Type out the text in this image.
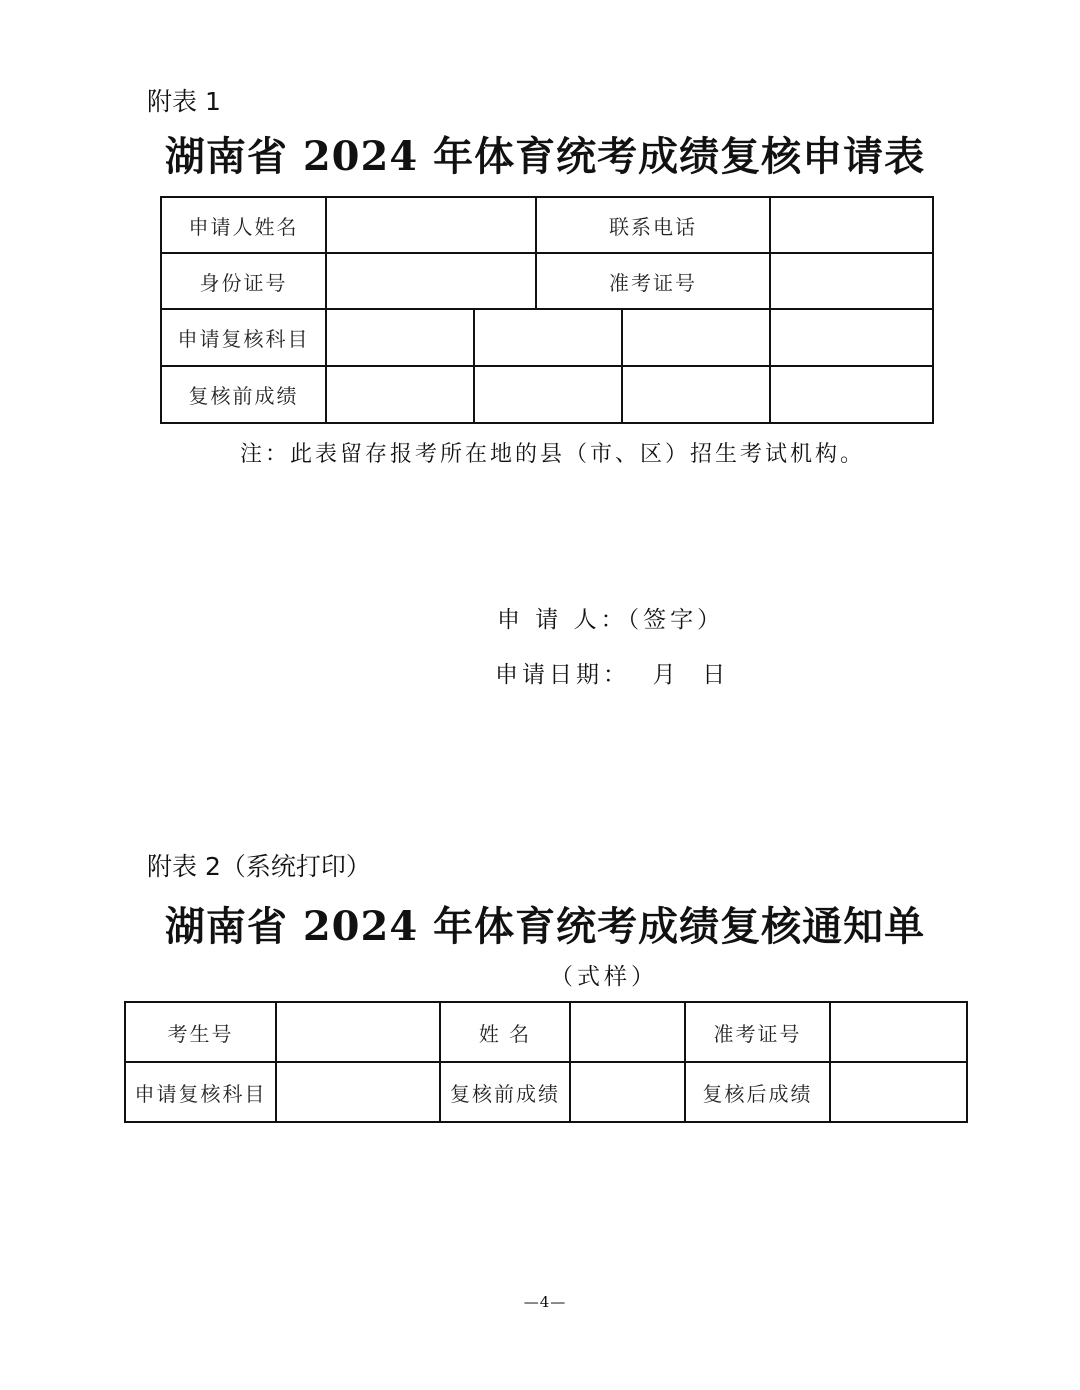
附表 1
湖南省 2024 年体育统考成绩复核申请表
申请人姓名			联系电话		
身份证号			准考证号		
申请复核科目					
复核前成绩					
注：此表留存报考所在地的县（市、区）招生考试机构。
申 请 人：（签字）
申请日期：  月  日
附表 2（系统打印）
湖南省 2024 年体育统考成绩复核通知单
（式样）
考生号		姓 名		准考证号	
申请复核科目		复核前成绩		复核后成绩	
—4—
